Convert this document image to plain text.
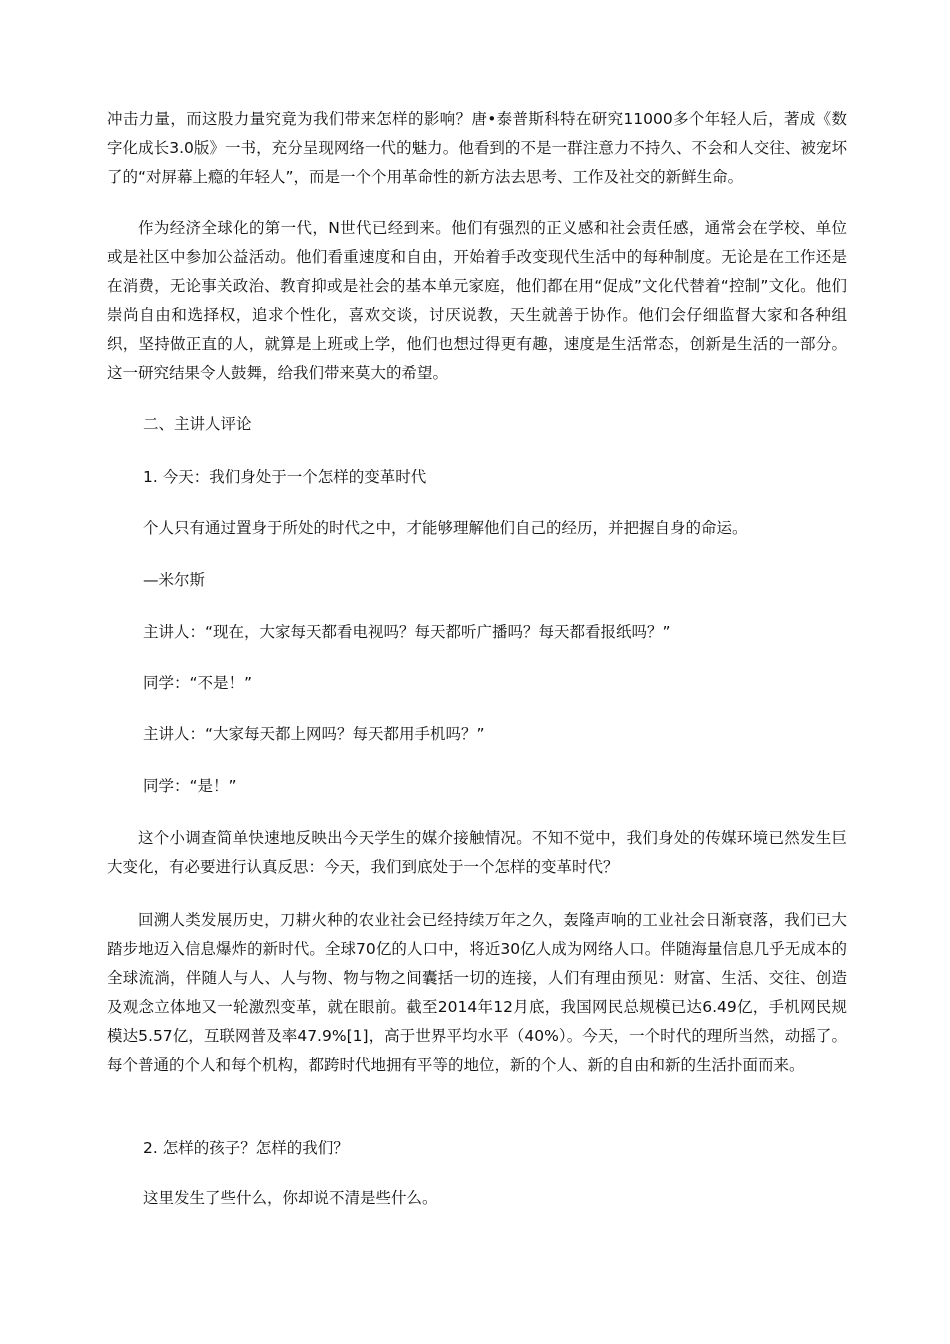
冲击力量，而这股力量究竟为我们带来怎样的影响？唐•泰普斯科特在研究11000多个年轻人后，著成《数字化成长3.0版》一书，充分呈现网络一代的魅力。他看到的不是一群注意力不持久、不会和人交往、被宠坏了的“对屏幕上瘾的年轻人”，而是一个个用革命性的新方法去思考、工作及社交的新鲜生命。

作为经济全球化的第一代，N世代已经到来。他们有强烈的正义感和社会责任感，通常会在学校、单位或是社区中参加公益活动。他们看重速度和自由，开始着手改变现代生活中的每种制度。无论是在工作还是在消费，无论事关政治、教育抑或是社会的基本单元家庭，他们都在用“促成”文化代替着“控制”文化。他们崇尚自由和选择权，追求个性化，喜欢交谈，讨厌说教，天生就善于协作。他们会仔细监督大家和各种组织，坚持做正直的人，就算是上班或上学，他们也想过得更有趣，速度是生活常态，创新是生活的一部分。这一研究结果令人鼓舞，给我们带来莫大的希望。

二、主讲人评论

1. 今天：我们身处于一个怎样的变革时代

个人只有通过置身于所处的时代之中，才能够理解他们自己的经历，并把握自身的命运。

—米尔斯

主讲人：“现在，大家每天都看电视吗？每天都听广播吗？每天都看报纸吗？”

同学：“不是！”

主讲人：“大家每天都上网吗？每天都用手机吗？”

同学：“是！”

这个小调查简单快速地反映出今天学生的媒介接触情况。不知不觉中，我们身处的传媒环境已然发生巨大变化，有必要进行认真反思：今天，我们到底处于一个怎样的变革时代？

回溯人类发展历史，刀耕火种的农业社会已经持续万年之久，轰隆声响的工业社会日渐衰落，我们已大踏步地迈入信息爆炸的新时代。全球70亿的人口中，将近30亿人成为网络人口。伴随海量信息几乎无成本的全球流淌，伴随人与人、人与物、物与物之间囊括一切的连接，人们有理由预见：财富、生活、交往、创造及观念立体地又一轮激烈变革，就在眼前。截至2014年12月底，我国网民总规模已达6.49亿，手机网民规模达5.57亿，互联网普及率47.9%[1]，高于世界平均水平（40%）。今天，一个时代的理所当然，动摇了。每个普通的个人和每个机构，都跨时代地拥有平等的地位，新的个人、新的自由和新的生活扑面而来。

2. 怎样的孩子？怎样的我们？

这里发生了些什么，你却说不清是些什么。
